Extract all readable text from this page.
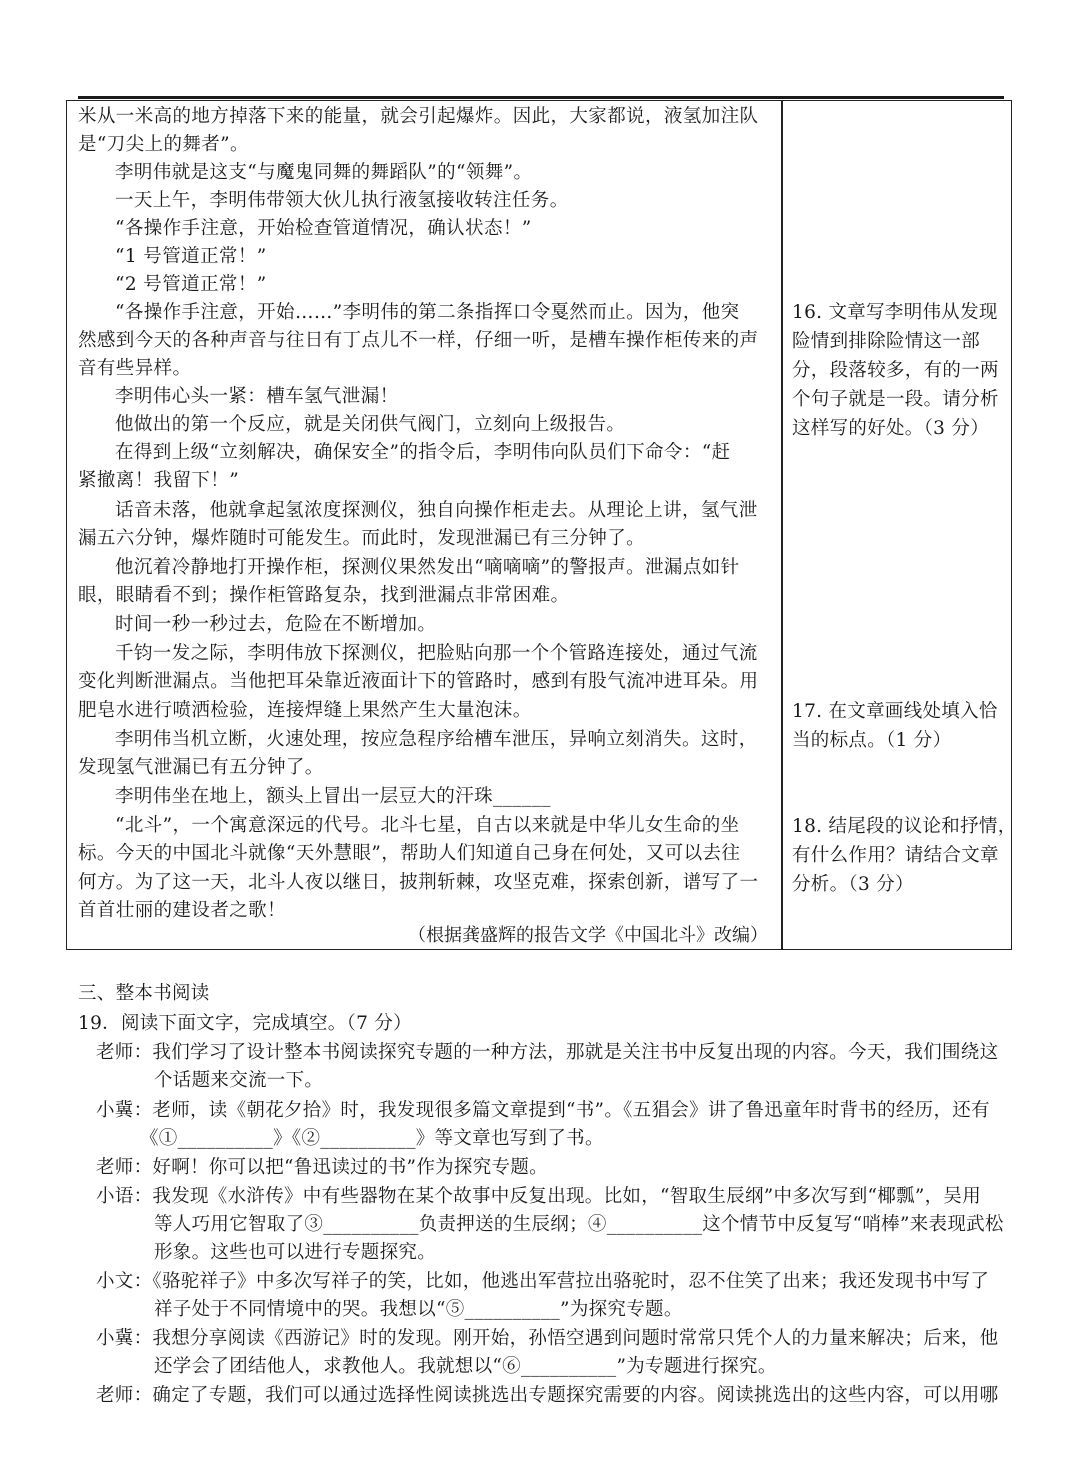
米从一米高的地方掉落下来的能量，就会引起爆炸。因此，大家都说，液氢加注队
是“刀尖上的舞者”。
李明伟就是这支“与魔鬼同舞的舞蹈队”的“领舞”。
一天上午，李明伟带领大伙儿执行液氢接收转注任务。
“各操作手注意，开始检查管道情况，确认状态！”
“1 号管道正常！”
“2 号管道正常！”
“各操作手注意，开始……”李明伟的第二条指挥口令戛然而止。因为，他突
然感到今天的各种声音与往日有丁点儿不一样，仔细一听，是槽车操作柜传来的声
音有些异样。
李明伟心头一紧：槽车氢气泄漏！
他做出的第一个反应，就是关闭供气阀门，立刻向上级报告。
在得到上级“立刻解决，确保安全”的指令后，李明伟向队员们下命令：“赶
紧撤离！我留下！”
话音未落，他就拿起氢浓度探测仪，独自向操作柜走去。从理论上讲，氢气泄
漏五六分钟，爆炸随时可能发生。而此时，发现泄漏已有三分钟了。
他沉着冷静地打开操作柜，探测仪果然发出“嘀嘀嘀”的警报声。泄漏点如针
眼，眼睛看不到；操作柜管路复杂，找到泄漏点非常困难。
时间一秒一秒过去，危险在不断增加。
千钧一发之际，李明伟放下探测仪，把脸贴向那一个个管路连接处，通过气流
变化判断泄漏点。当他把耳朵靠近液面计下的管路时，感到有股气流冲进耳朵。用
肥皂水进行喷洒检验，连接焊缝上果然产生大量泡沫。
李明伟当机立断，火速处理，按应急程序给槽车泄压，异响立刻消失。这时，
发现氢气泄漏已有五分钟了。
李明伟坐在地上，额头上冒出一层豆大的汗珠______
“北斗”，一个寓意深远的代号。北斗七星，自古以来就是中华儿女生命的坐
标。今天的中国北斗就像“天外慧眼”，帮助人们知道自己身在何处，又可以去往
何方。为了这一天，北斗人夜以继日，披荆斩棘，攻坚克难，探索创新，谱写了一
首首壮丽的建设者之歌！
（根据龚盛辉的报告文学《中国北斗》改编）
16. 文章写李明伟从发现
险情到排除险情这一部
分，段落较多，有的一两
个句子就是一段。请分析
这样写的好处。（3 分）
17. 在文章画线处填入恰
当的标点。（1 分）
18. 结尾段的议论和抒情，
有什么作用？请结合文章
分析。（3 分）
三、整本书阅读
19．阅读下面文字，完成填空。（7 分）
老师：我们学习了设计整本书阅读探究专题的一种方法，那就是关注书中反复出现的内容。今天，我们围绕这
个话题来交流一下。
小冀：老师，读《朝花夕拾》时，我发现很多篇文章提到“书”。《五猖会》讲了鲁迅童年时背书的经历，还有
《①__________》《②__________》等文章也写到了书。
老师：好啊！你可以把“鲁迅读过的书”作为探究专题。
小语：我发现《水浒传》中有些器物在某个故事中反复出现。比如，“智取生辰纲”中多次写到“椰瓢”，吴用
等人巧用它智取了③__________负责押送的生辰纲；④__________这个情节中反复写“哨棒”来表现武松
形象。这些也可以进行专题探究。
小文：《骆驼祥子》中多次写祥子的笑，比如，他逃出军营拉出骆驼时，忍不住笑了出来；我还发现书中写了
祥子处于不同情境中的哭。我想以“⑤__________”为探究专题。
小冀：我想分享阅读《西游记》时的发现。刚开始，孙悟空遇到问题时常常只凭个人的力量来解决；后来，他
还学会了团结他人，求教他人。我就想以“⑥__________”为专题进行探究。
老师：确定了专题，我们可以通过选择性阅读挑选出专题探究需要的内容。阅读挑选出的这些内容，可以用哪
